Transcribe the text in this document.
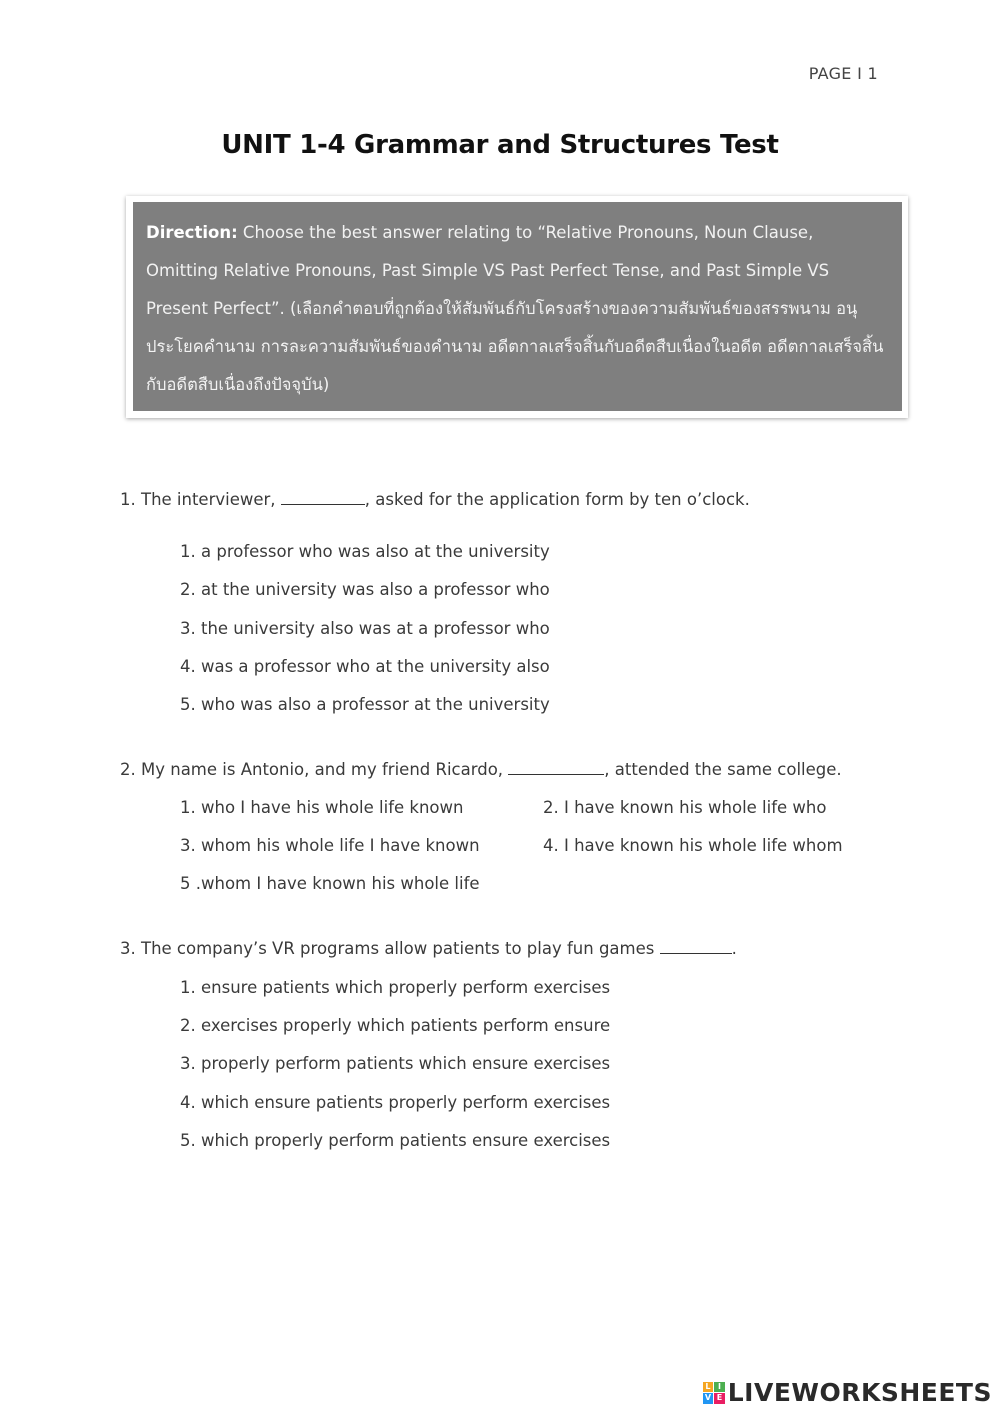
PAGE I 1
UNIT 1-4 Grammar and Structures Test
Direction: Choose the best answer relating to “Relative Pronouns, Noun Clause, Omitting Relative Pronouns, Past Simple VS Past Perfect Tense, and Past Simple VS Present Perfect”. (เลือกคำตอบที่ถูกต้องให้สัมพันธ์กับโครงสร้างของความสัมพันธ์ของสรรพนาม อนุประโยคคำนาม การละความสัมพันธ์ของคำนาม อดีตกาลเสร็จสิ้นกับอดีตสืบเนื่องในอดีต อดีตกาลเสร็จสิ้นกับอดีตสืบเนื่องถึงปัจจุบัน)
1. The interviewer,	, asked for the application form by ten o’clock.
1. a professor who was also at the university
2. at the university was also a professor who
3. the university also was at a professor who
4. was a professor who at the university also
5. who was also a professor at the university
2. My name is Antonio, and my friend Ricardo,	, attended the same college.
1. who I have his whole life known	2. I have known his whole life who
3. whom his whole life I have known	4. I have known his whole life whom
5 .whom I have known his whole life
3. The company’s VR programs allow patients to play fun games	.
1. ensure patients which properly perform exercises
2. exercises properly which patients perform ensure
3. properly perform patients which ensure exercises
4. which ensure patients properly perform exercises
5. which properly perform patients ensure exercises
L I
V E LIVEWORKSHEETS
